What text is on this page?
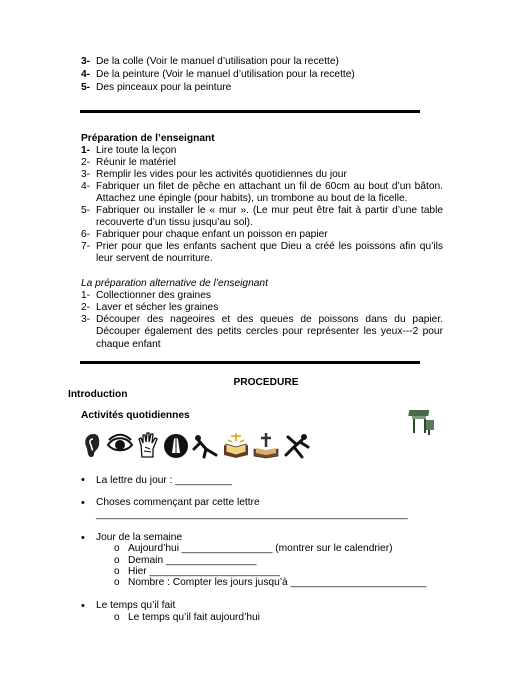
3- De la colle (Voir le manuel d’utilisation pour la recette)
4- De la peinture (Voir le manuel d’utilisation pour la recette)
5- Des pinceaux pour la peinture
Préparation de l’enseignant
1- Lire toute la leçon
2- Réunir le matériel
3- Remplir les vides pour les activités quotidiennes du jour
4- Fabriquer un filet de pêche en attachant un fil de 60cm au bout d’un bâton. Attachez une épingle (pour habits), un trombone au bout de la ficelle.
5- Fabriquer ou installer le « mur ». (Le mur peut être fait à partir d’une table recouverte d’un tissu jusqu’au sol).
6- Fabriquer pour chaque enfant un poisson en papier
7- Prier pour que les enfants sachent que Dieu a créé les poissons afin qu’ils leur servent de nourriture.
La préparation alternative de l’enseignant
1- Collectionner des graines
2- Laver et sécher les graines
3- Découper des nageoires et des queues de poissons dans du papier. Découper également des petits cercles pour représenter les yeux---2 pour chaque enfant
PROCEDURE
Introduction
Activités quotidiennes
• La lettre du jour : __________
• Choses commençant par cette lettre
_______________________________________________________
• Jour de la semaine
o Aujourd’hui ________________ (montrer sur le calendrier)
o Demain ________________
o Hier _______________________
o Nombre : Compter les jours jusqu’à ________________________
• Le temps qu’il fait
o Le temps qu’il fait aujourd’hui
